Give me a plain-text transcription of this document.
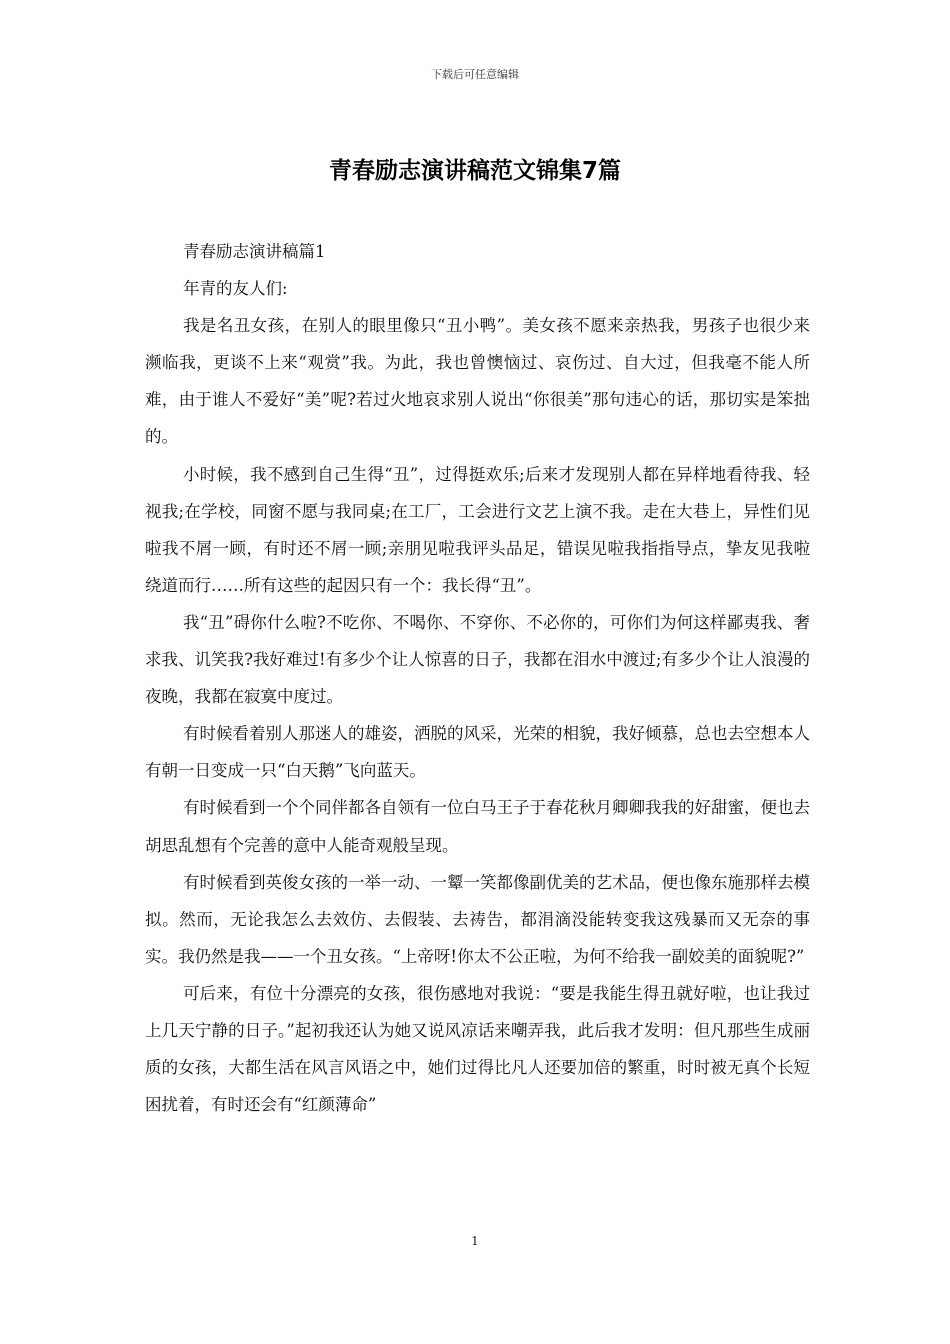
下载后可任意编辑
青春励志演讲稿范文锦集7篇

青春励志演讲稿篇1

年青的友人们:

我是名丑女孩，在别人的眼里像只“丑小鸭”。美女孩不愿来亲热我，男孩子也很少来濒临我，更谈不上来“观赏”我。为此，我也曾懊恼过、哀伤过、自大过，但我毫不能人所难，由于谁人不爱好“美”呢?若过火地哀求别人说出“你很美”那句违心的话，那切实是笨拙的。

小时候，我不感到自己生得“丑”，过得挺欢乐;后来才发现别人都在异样地看待我、轻视我;在学校，同窗不愿与我同桌;在工厂，工会进行文艺上演不我。走在大巷上，异性们见啦我不屑一顾，有时还不屑一顾;亲朋见啦我评头品足，错误见啦我指指导点，挚友见我啦绕道而行……所有这些的起因只有一个：我长得“丑”。

我“丑”碍你什么啦?不吃你、不喝你、不穿你、不必你的，可你们为何这样鄙夷我、奢求我、讥笑我?我好难过!有多少个让人惊喜的日子，我都在泪水中渡过;有多少个让人浪漫的夜晚，我都在寂寞中度过。

有时候看着别人那迷人的雄姿，洒脱的风采，光荣的相貌，我好倾慕，总也去空想本人有朝一日变成一只“白天鹅”飞向蓝天。

有时候看到一个个同伴都各自领有一位白马王子于春花秋月卿卿我我的好甜蜜，便也去胡思乱想有个完善的意中人能奇观般呈现。

有时候看到英俊女孩的一举一动、一颦一笑都像副优美的艺术品，便也像东施那样去模拟。然而，无论我怎么去效仿、去假装、去祷告，都涓滴没能转变我这残暴而又无奈的事实。我仍然是我——一个丑女孩。“上帝呀!你太不公正啦，为何不给我一副姣美的面貌呢?”

可后来，有位十分漂亮的女孩，很伤感地对我说：“要是我能生得丑就好啦，也让我过上几天宁静的日子。”起初我还认为她又说风凉话来嘲弄我，此后我才发明：但凡那些生成丽质的女孩，大都生活在风言风语之中，她们过得比凡人还要加倍的繁重，时时被无真个长短困扰着，有时还会有“红颜薄命”

1
